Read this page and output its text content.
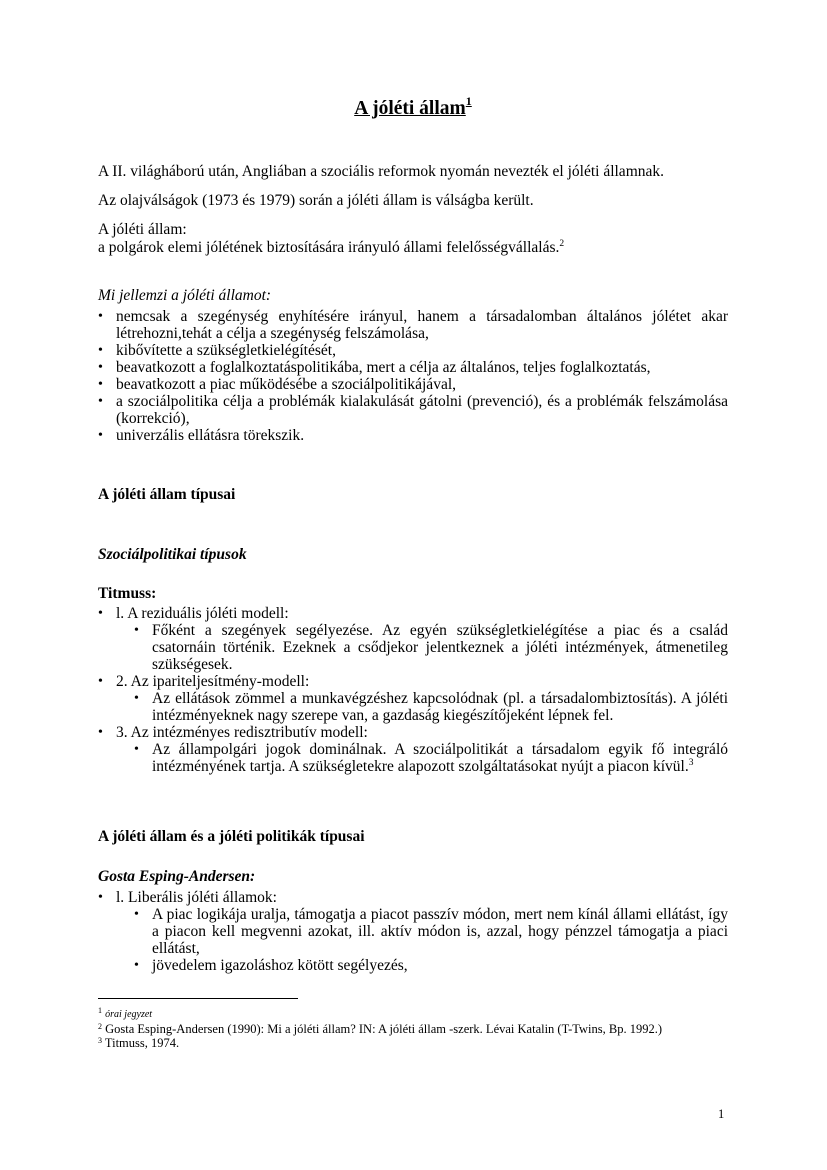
A jóléti állam$^1$

A II. világháború után, Angliában a szociális reformok nyomán nevezték el jóléti államnak.

Az olajválságok (1973 és 1979) során a jóléti állam is válságba került.

A jóléti állam:

a polgárok elemi jólétének biztosítására irányuló állami felelősségvállalás.$^2$

Mi jellemzi a jóléti államot:

• nemcsak a szegénység enyhítésére irányul, hanem a társadalomban általános jólétet akar létrehozni,tehát a célja a szegénység felszámolása,
• kibővítette a szükségletkielégítését,
• beavatkozott a foglalkoztatáspolitikába, mert a célja az általános, teljes foglalkoztatás,
• beavatkozott a piac működésébe a szociálpolitikájával,
• a szociálpolitika célja a problémák kialakulását gátolni (prevenció), és a problémák felszámolása (korrekció),
• univerzális ellátásra törekszik.

A jóléti állam típusai

Szociálpolitikai típusok

Titmuss:

• l. A reziduális jóléti modell:
• Főként a szegények segélyezése. Az egyén szükségletkielégítése a piac és a család csatornáin történik. Ezeknek a csődjekor jelentkeznek a jóléti intézmények, átmenetileg szükségesek.
• 2. Az ipariteljesítmény-modell:
• Az ellátások zömmel a munkavégzéshez kapcsolódnak (pl. a társadalombiztosítás). A jóléti intézményeknek nagy szerepe van, a gazdaság kiegészítőjeként lépnek fel.
• 3. Az intézményes redisztributív modell:
• Az állampolgári jogok dominálnak. A szociálpolitikát a társadalom egyik fő integráló intézményének tartja. A szükségletekre alapozott szolgáltatásokat nyújt a piacon kívül.$^3$

A jóléti állam és a jóléti politikák típusai

Gosta Esping-Andersen:

• l. Liberális jóléti államok:
• A piac logikája uralja, támogatja a piacot passzív módon, mert nem kínál állami ellátást, így a piacon kell megvenni azokat, ill. aktív módon is, azzal, hogy pénzzel támogatja a piaci ellátást,
• jövedelem igazoláshoz kötött segélyezés,
$^1$ órai jegyzet
$^2$ Gosta Esping-Andersen (1990): Mi a jóléti állam? IN: A jóléti állam -szerk. Lévai Katalin (T-Twins, Bp. 1992.)
$^3$ Titmuss, 1974.
1
